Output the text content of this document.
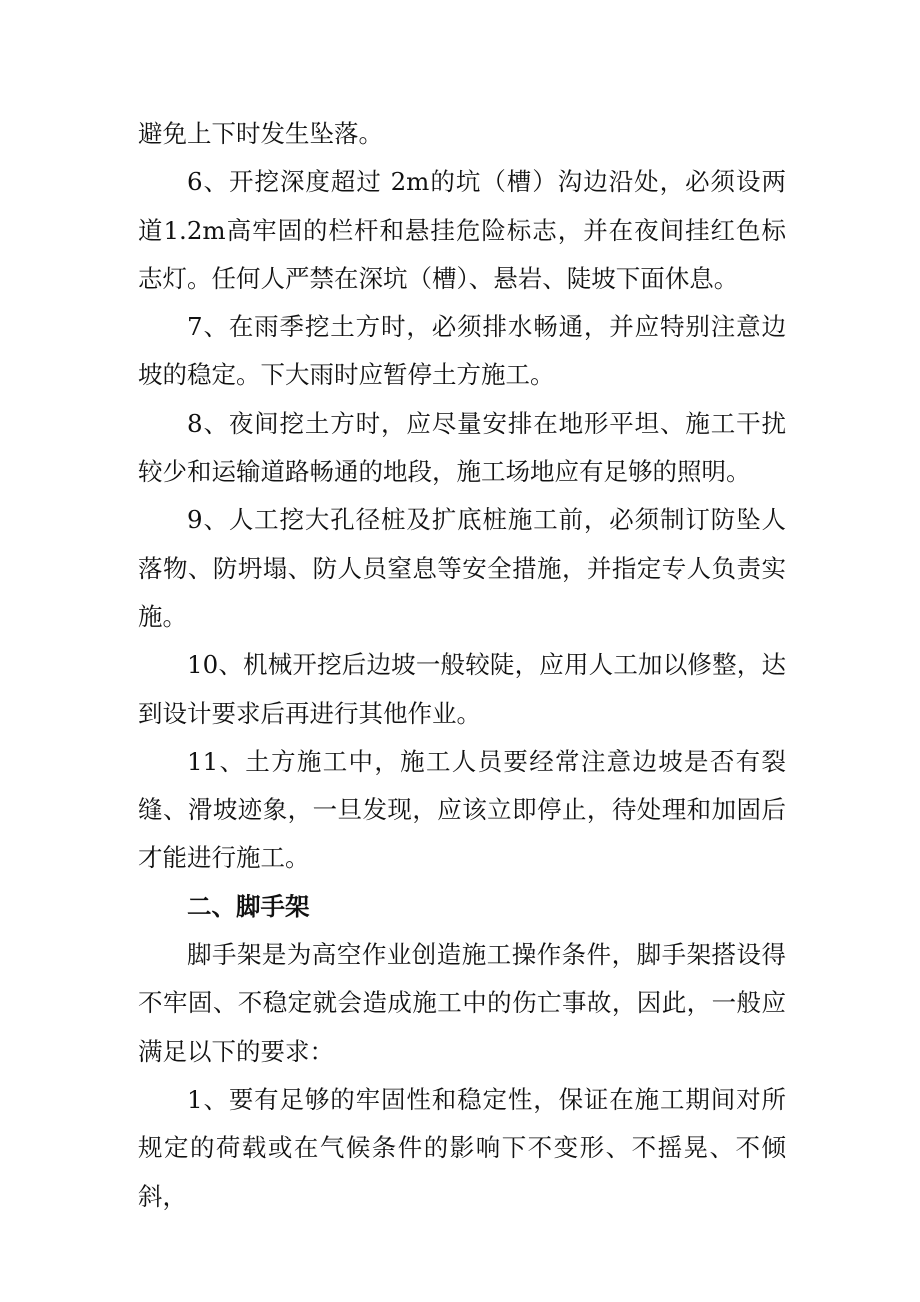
避免上下时发生坠落。

6、开挖深度超过 2m的坑（槽）沟边沿处，必须设两道1.2m高牢固的栏杆和悬挂危险标志，并在夜间挂红色标志灯。任何人严禁在深坑（槽）、悬岩、陡坡下面休息。

7、在雨季挖土方时，必须排水畅通，并应特别注意边坡的稳定。下大雨时应暂停土方施工。

8、夜间挖土方时，应尽量安排在地形平坦、施工干扰较少和运输道路畅通的地段，施工场地应有足够的照明。

9、人工挖大孔径桩及扩底桩施工前，必须制订防坠人落物、防坍塌、防人员窒息等安全措施，并指定专人负责实施。

10、机械开挖后边坡一般较陡，应用人工加以修整，达到设计要求后再进行其他作业。

11、土方施工中，施工人员要经常注意边坡是否有裂缝、滑坡迹象，一旦发现，应该立即停止，待处理和加固后才能进行施工。

二、脚手架

脚手架是为高空作业创造施工操作条件，脚手架搭设得不牢固、不稳定就会造成施工中的伤亡事故，因此，一般应满足以下的要求：

1、要有足够的牢固性和稳定性，保证在施工期间对所规定的荷载或在气候条件的影响下不变形、不摇晃、不倾斜，
